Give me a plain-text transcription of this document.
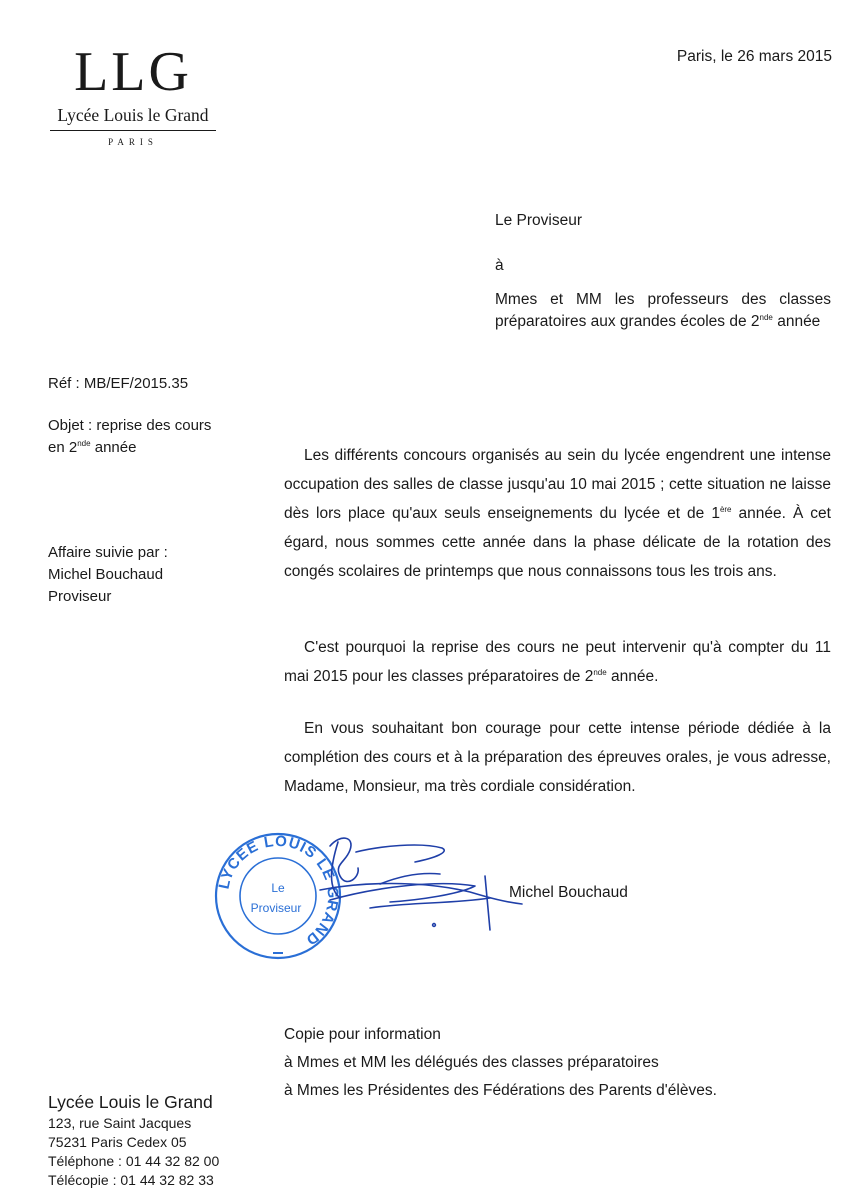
LLG
Lycée Louis le Grand
PARIS
Paris, le 26 mars 2015
Le Proviseur
à
Mmes et MM les professeurs des classes préparatoires aux grandes écoles de 2nde année
Réf : MB/EF/2015.35
Objet : reprise des cours
en 2nde année
Affaire suivie par :
Michel Bouchaud
Proviseur
Les différents concours organisés au sein du lycée engendrent une intense occupation des salles de classe jusqu'au 10 mai 2015 ; cette situation ne laisse dès lors place qu'aux seuls enseignements du lycée et de 1ère année. À cet égard, nous sommes cette année dans la phase délicate de la rotation des congés scolaires de printemps que nous connaissons tous les trois ans.
C'est pourquoi la reprise des cours ne peut intervenir qu'à compter du 11 mai 2015 pour les classes préparatoires de 2nde année.
En vous souhaitant bon courage pour cette intense période dédiée à la complétion des cours et à la préparation des épreuves orales, je vous adresse, Madame, Monsieur, ma très cordiale considération.
LYCEE LOUIS LE GRAND
Le
Proviseur
Michel Bouchaud
Copie pour information
à Mmes et MM les délégués des classes préparatoires
à Mmes les Présidentes des Fédérations des Parents d'élèves.
Lycée Louis le Grand
123, rue Saint Jacques
75231 Paris Cedex 05
Téléphone : 01 44 32 82 00
Télécopie : 01 44 32 82 33
